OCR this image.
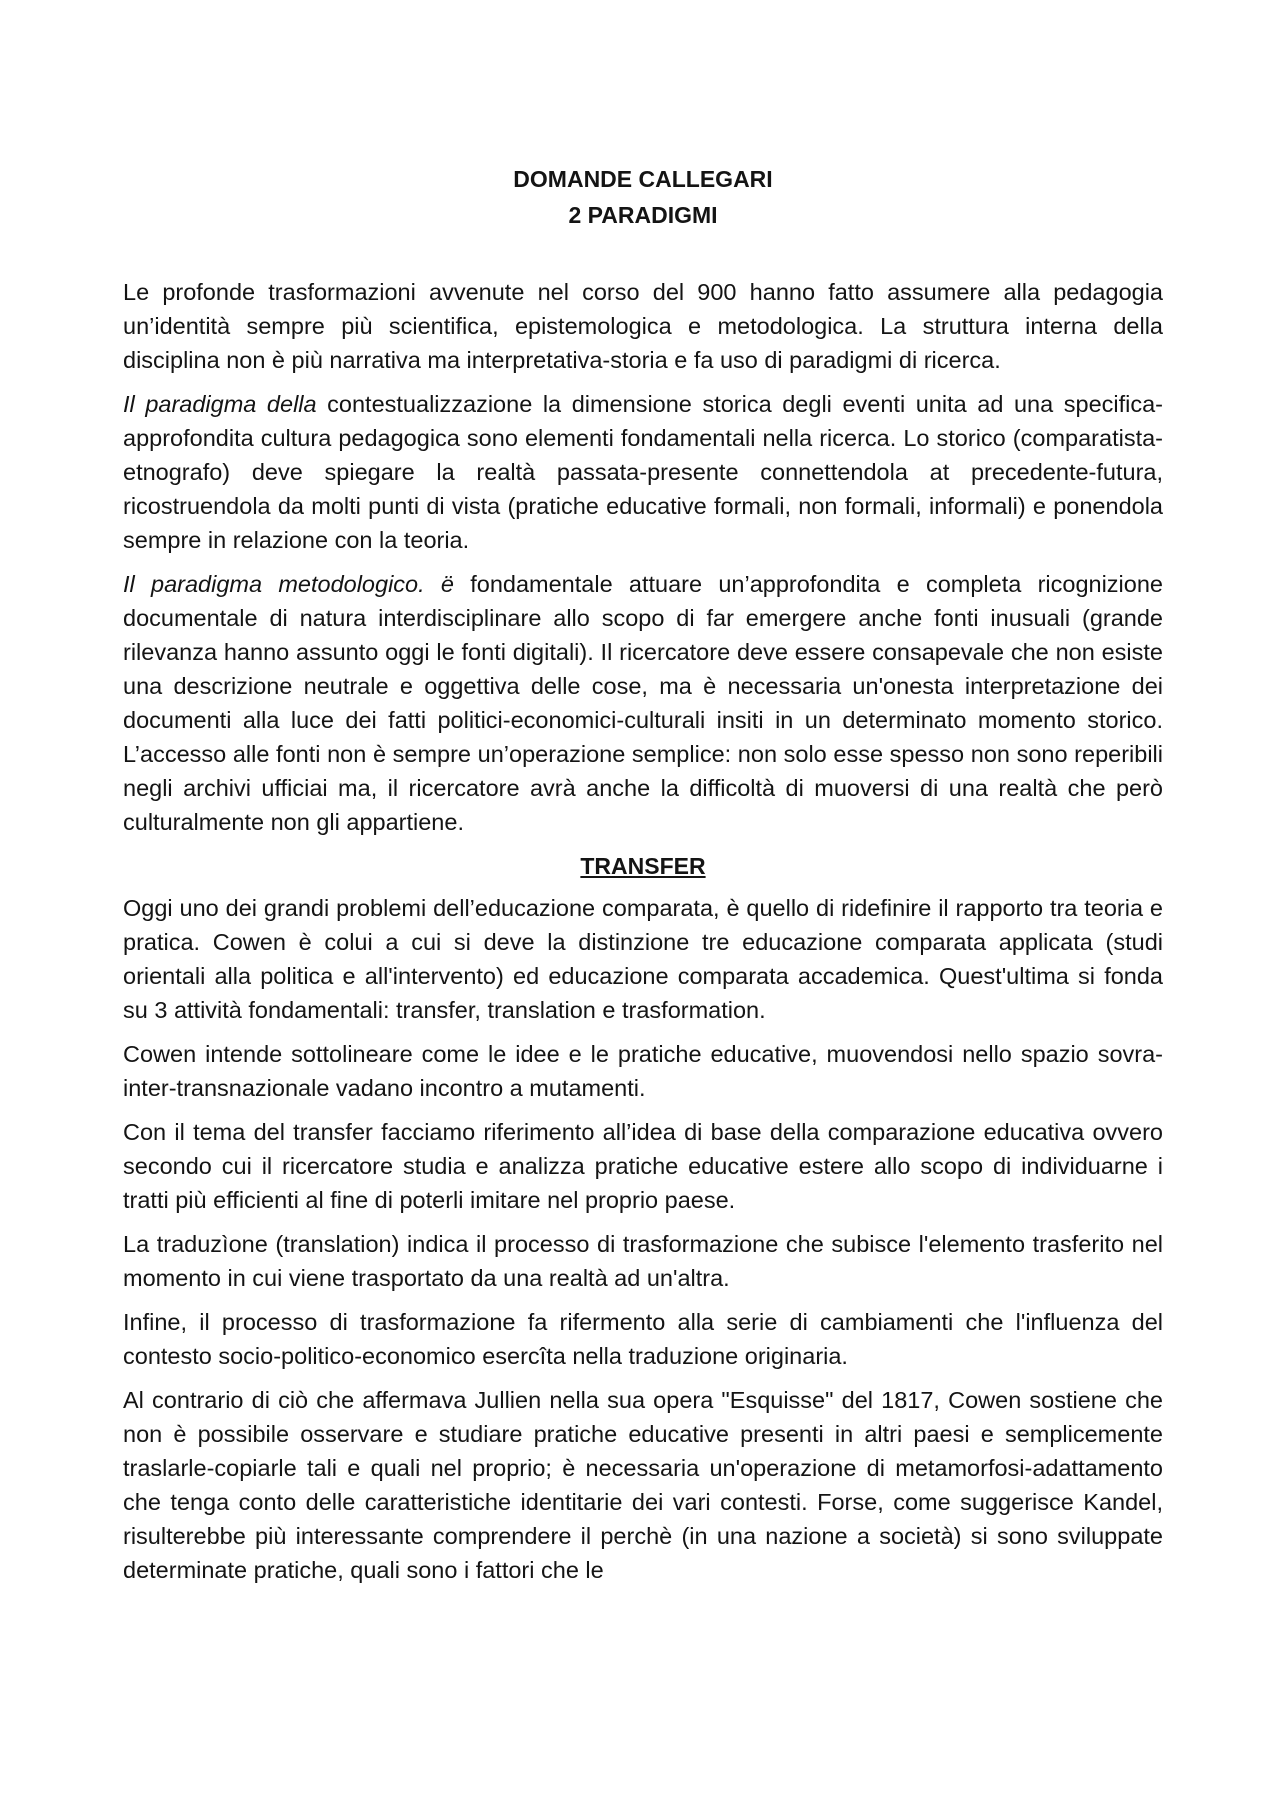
DOMANDE CALLEGARI
2 PARADIGMI

Le profonde trasformazioni avvenute nel corso del 900 hanno fatto assumere alla pedagogia un’identità sempre più scientifica, epistemologica e metodologica. La struttura interna della disciplina non è più narrativa ma interpretativa-storia e fa uso di paradigmi di ricerca.

Il paradigma della contestualizzazione la dimensione storica degli eventi unita ad una specifica- approfondita cultura pedagogica sono elementi fondamentali nella ricerca. Lo storico (comparatista-etnografo) deve spiegare la realtà passata-presente connettendola at precedente-futura, ricostruendola da molti punti di vista (pratiche educative formali, non formali, informali) e ponendola sempre in relazione con la teoria.

Il paradigma metodologico. ë fondamentale attuare un’approfondita e completa ricognizione documentale di natura interdisciplinare allo scopo di far emergere anche fonti inusuali (grande rilevanza hanno assunto oggi le fonti digitali). Il ricercatore deve essere consapevale che non esiste una descrizione neutrale e oggettiva delle cose, ma è necessaria un'onesta interpretazione dei documenti alla luce dei fatti politici-economici-culturali insiti in un determinato momento storico. L’accesso alle fonti non è sempre un’operazione semplice: non solo esse spesso non sono reperibili negli archivi ufficiai ma, il ricercatore avrà anche la difficoltà di muoversi di una realtà che però culturalmente non gli appartiene.

TRANSFER

Oggi uno dei grandi problemi dell’educazione comparata, è quello di ridefinire il rapporto tra teoria e pratica. Cowen è colui a cui si deve la distinzione tre educazione comparata applicata (studi orientali alla politica e all'intervento) ed educazione comparata accademica. Quest'ultima si fonda su 3 attività fondamentali: transfer, translation e trasformation.

Cowen intende sottolineare come le idee e le pratiche educative, muovendosi nello spazio sovra-inter-transnazionale vadano incontro a mutamenti.

Con il tema del transfer facciamo riferimento all’idea di base della comparazione educativa ovvero secondo cui il ricercatore studia e analizza pratiche educative estere allo scopo di individuarne i tratti più efficienti al fine di poterli imitare nel proprio paese.

La traduzìone (translation) indica il processo di trasformazione che subisce l'elemento trasferito nel momento in cui viene trasportato da una realtà ad un'altra.

Infine, il processo di trasformazione fa rifermento alla serie di cambiamenti che l'influenza del contesto socio-politico-economico esercîta nella traduzione originaria.

Al contrario di ciò che affermava Jullien nella sua opera "Esquisse" del 1817, Cowen sostiene che non è possibile osservare e studiare pratiche educative presenti in altri paesi e semplicemente traslarle-copiarle tali e quali nel proprio; è necessaria un'operazione di metamorfosi-adattamento che tenga conto delle caratteristiche identitarie dei vari contesti. Forse, come suggerisce Kandel, risulterebbe più interessante comprendere il perchè (in una nazione a società) si sono sviluppate determinate pratiche, quali sono i fattori che le
